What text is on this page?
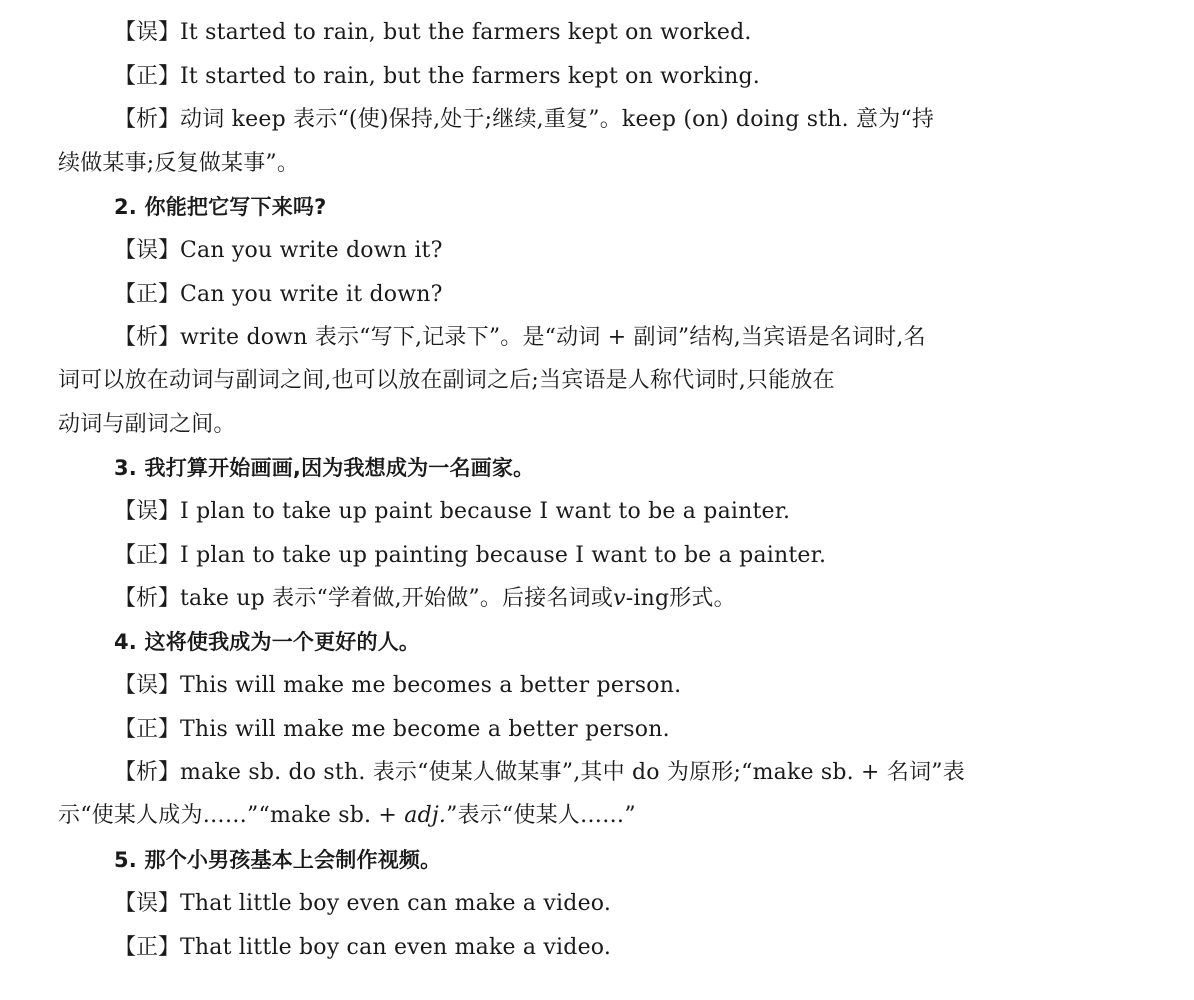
【误】It started to rain, but the farmers kept on worked.
【正】It started to rain, but the farmers kept on working.
【析】动词 keep 表示“(使)保持,处于;继续,重复”。keep (on) doing sth. 意为“持
续做某事;反复做某事”。
2. 你能把它写下来吗?
【误】Can you write down it?
【正】Can you write it down?
【析】write down 表示“写下,记录下”。是“动词 + 副词”结构,当宾语是名词时,名
词可以放在动词与副词之间,也可以放在副词之后;当宾语是人称代词时,只能放在
动词与副词之间。
3. 我打算开始画画,因为我想成为一名画家。
【误】I plan to take up paint because I want to be a painter.
【正】I plan to take up painting because I want to be a painter.
【析】take up 表示“学着做,开始做”。后接名词或v-ing形式。
4. 这将使我成为一个更好的人。
【误】This will make me becomes a better person.
【正】This will make me become a better person.
【析】make sb. do sth. 表示“使某人做某事”,其中 do 为原形;“make sb. + 名词”表
示“使某人成为……”“make sb. + adj.”表示“使某人……”
5. 那个小男孩基本上会制作视频。
【误】That little boy even can make a video.
【正】That little boy can even make a video.
